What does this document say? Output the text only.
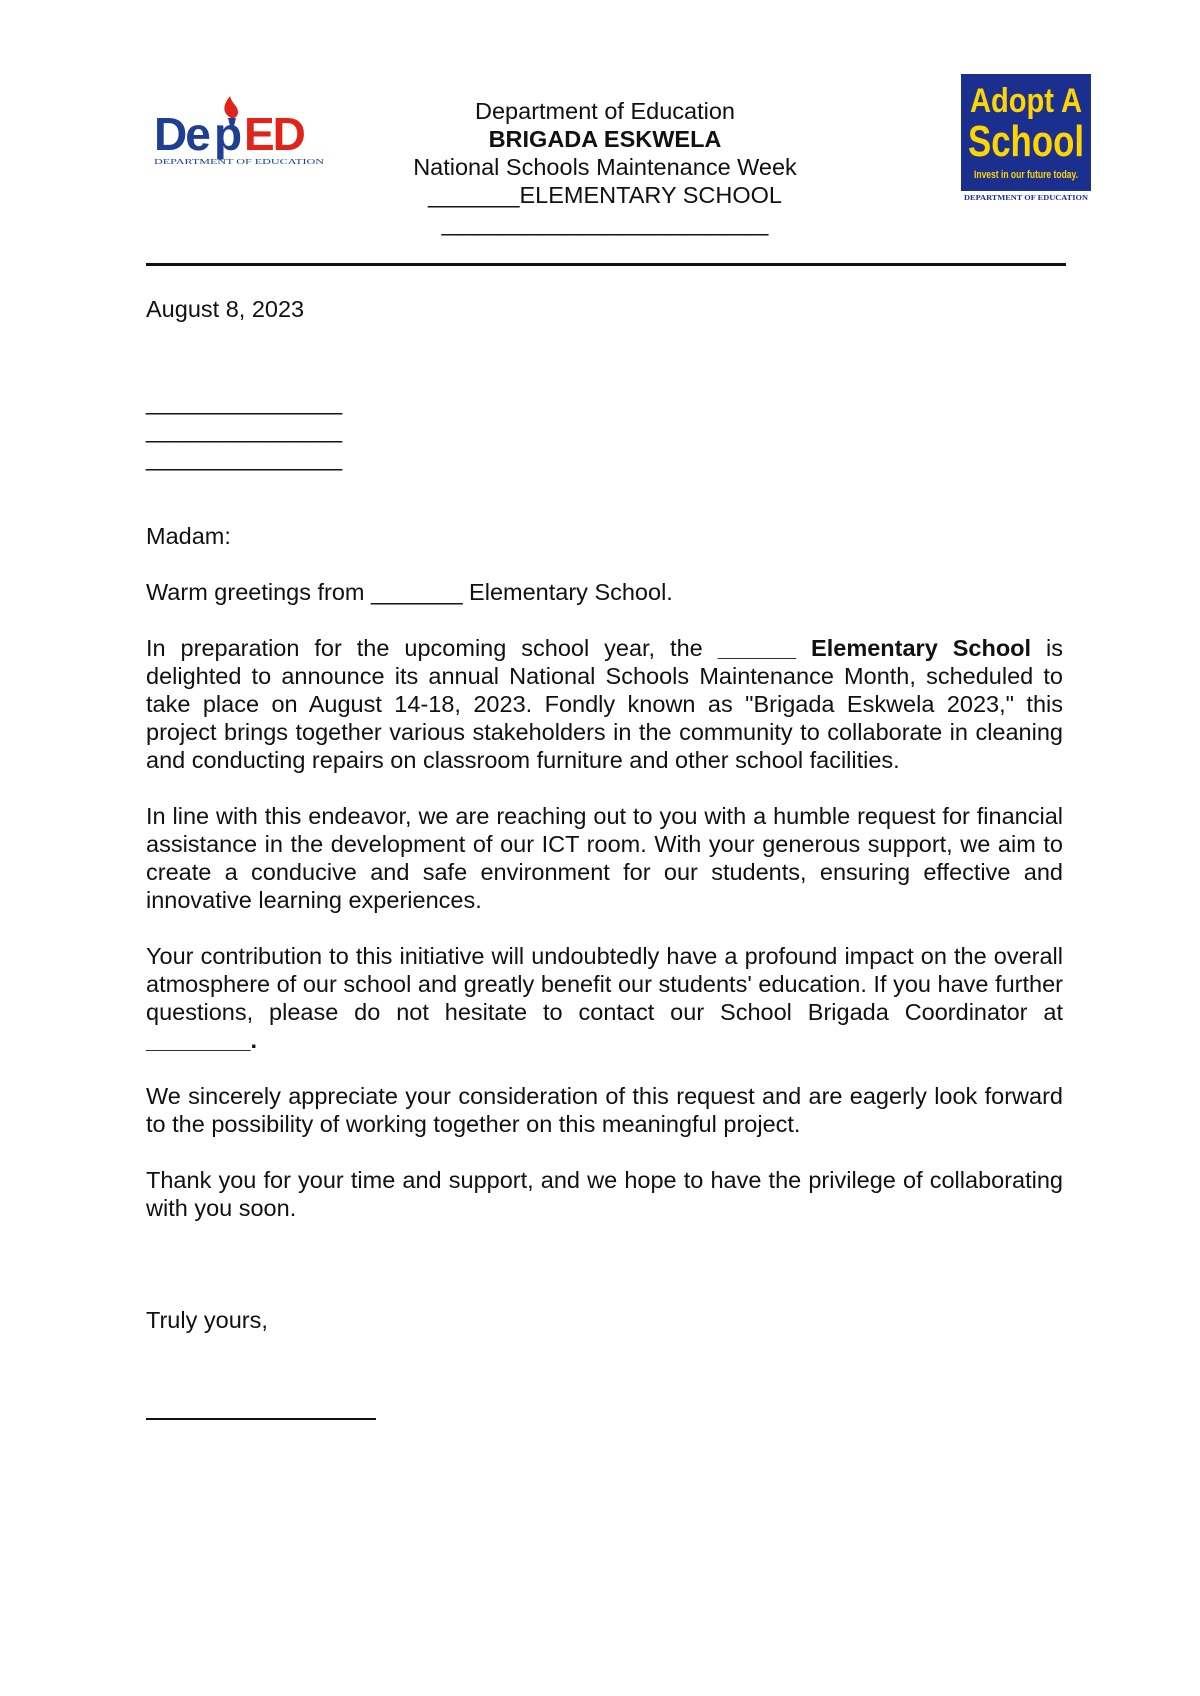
De p ED
DEPARTMENT OF EDUCATION
Department of Education
BRIGADA ESKWELA
National Schools Maintenance Week
_______ELEMENTARY SCHOOL
_________________________
Adopt A
School
Invest in our future today.
DEPARTMENT OF EDUCATION
August 8, 2023
_______________
_______________
_______________
Madam:
Warm greetings from _______ Elementary School.
In preparation for the upcoming school year, the ______ Elementary School is delighted to announce its annual National Schools Maintenance Month, scheduled to take place on August 14-18, 2023. Fondly known as "Brigada Eskwela 2023," this project brings together various stakeholders in the community to collaborate in cleaning and conducting repairs on classroom furniture and other school facilities.
In line with this endeavor, we are reaching out to you with a humble request for financial assistance in the development of our ICT room. With your generous support, we aim to create a conducive and safe environment for our students, ensuring effective and innovative learning experiences.
Your contribution to this initiative will undoubtedly have a profound impact on the overall atmosphere of our school and greatly benefit our students' education. If you have further questions, please do not hesitate to contact our School Brigada Coordinator at ________.
We sincerely appreciate your consideration of this request and are eagerly look forward to the possibility of working together on this meaningful project.
Thank you for your time and support, and we hope to have the privilege of collaborating with you soon.
Truly yours,
